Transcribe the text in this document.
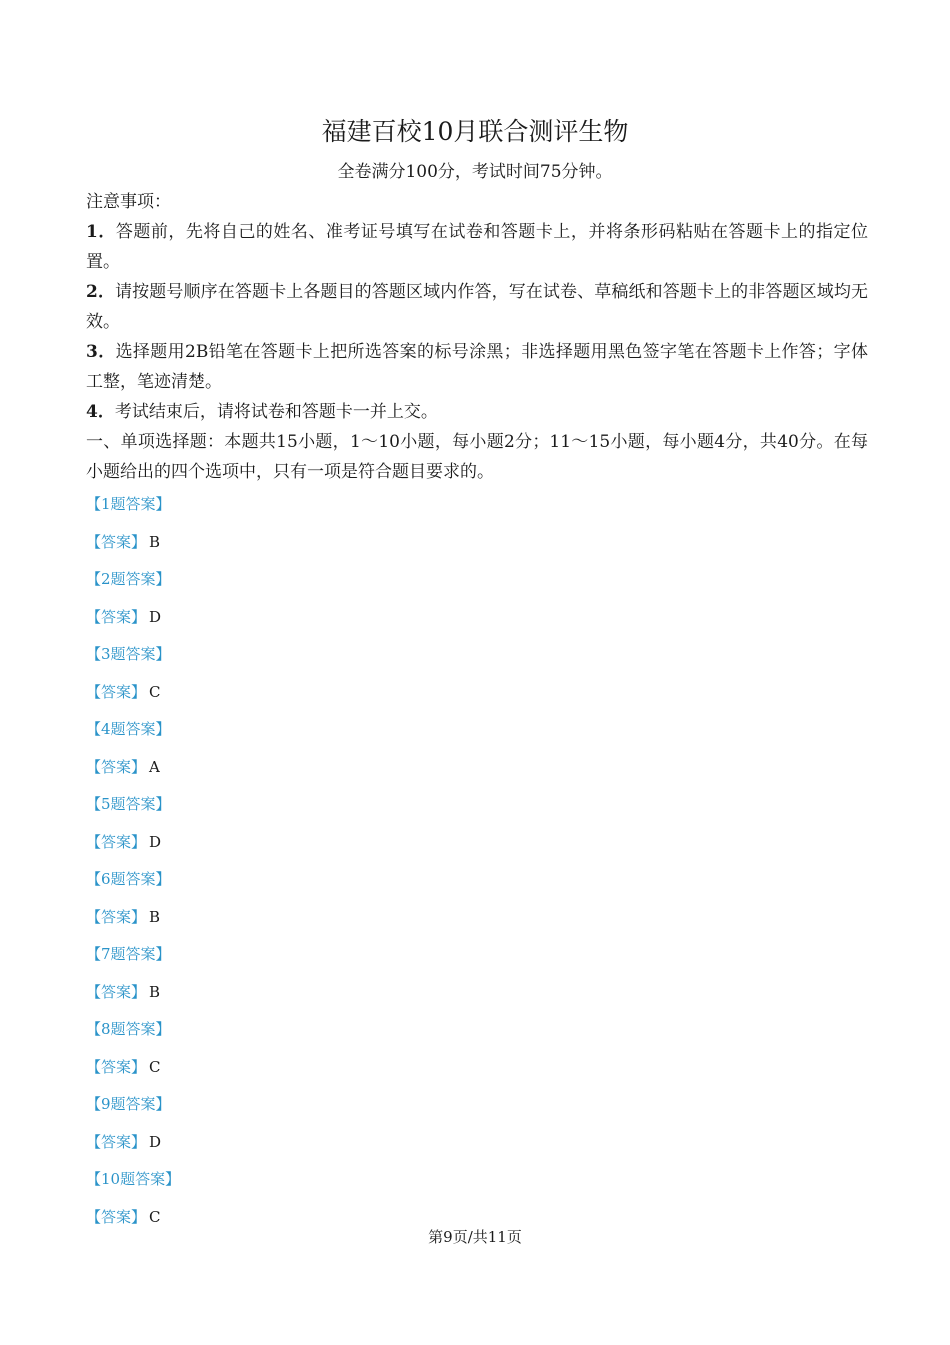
福建百校10月联合测评生物
全卷满分100分，考试时间75分钟。

注意事项：

1．答题前，先将自己的姓名、准考证号填写在试卷和答题卡上，并将条形码粘贴在答题卡上的指定位置。

2．请按题号顺序在答题卡上各题目的答题区域内作答，写在试卷、草稿纸和答题卡上的非答题区域均无效。

3．选择题用2B铅笔在答题卡上把所选答案的标号涂黑；非选择题用黑色签字笔在答题卡上作答；字体工整，笔迹清楚。

4．考试结束后，请将试卷和答题卡一并上交。

一、单项选择题：本题共15小题，1～10小题，每小题2分；11～15小题，每小题4分，共40分。在每小题给出的四个选项中，只有一项是符合题目要求的。

【1题答案】
【答案】 B
【2题答案】
【答案】 D
【3题答案】
【答案】 C
【4题答案】
【答案】 A
【5题答案】
【答案】 D
【6题答案】
【答案】 B
【7题答案】
【答案】 B
【8题答案】
【答案】 C
【9题答案】
【答案】 D
【10题答案】
【答案】 C
第9页/共11页
